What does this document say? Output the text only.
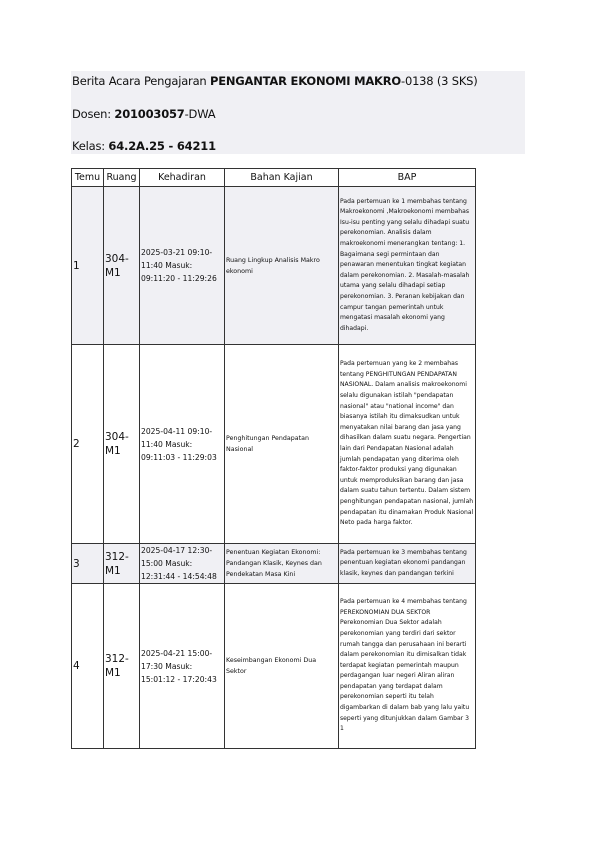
Berita Acara Pengajaran PENGANTAR EKONOMI MAKRO-0138 (3 SKS)
Dosen: 201003057-DWA
Kelas: 64.2A.25 - 64211
Temu	Ruang	Kehadiran	Bahan Kajian	BAP
1	304-M1	2025-03-21 09:10-11:40 Masuk: 09:11:20 - 11:29:26	Ruang Lingkup Analisis Makro ekonomi	Pada pertemuan ke 1 membahas tentang Makroekonomi ,Makroekonomi membahas Isu-isu penting yang selalu dihadapi suatu perekonomian. Analisis dalam makroekonomi menerangkan tentang: 1. Bagaimana segi permintaan dan penawaran menentukan tingkat kegiatan dalam perekonomian. 2. Masalah-masalah utama yang selalu dihadapi setiap perekonomian. 3. Peranan kebijakan dan campur tangan pemerintah untuk mengatasi masalah ekonomi yang dihadapi.
2	304-M1	2025-04-11 09:10-11:40 Masuk: 09:11:03 - 11:29:03	Penghitungan Pendapatan Nasional	Pada pertemuan yang ke 2 membahas tentang PENGHITUNGAN PENDAPATAN NASIONAL. Dalam analisis makroekonomi selalu digunakan istilah "pendapatan nasional" atau "national income" dan biasanya istilah itu dimaksudkan untuk menyatakan nilai barang dan jasa yang dihasilkan dalam suatu negara. Pengertian lain dari Pendapatan Nasional adalah jumlah pendapatan yang diterima oleh faktor-faktor produksi yang digunakan untuk memproduksikan barang dan jasa dalam suatu tahun tertentu. Dalam sistem penghitungan pendapatan nasional, jumlah pendapatan itu dinamakan Produk Nasional Neto pada harga faktor.
3	312-M1	2025-04-17 12:30-15:00 Masuk: 12:31:44 - 14:54:48	Penentuan Kegiatan Ekonomi: Pandangan Klasik, Keynes dan Pendekatan Masa Kini	Pada pertemuan ke 3 membahas tentang penentuan kegiatan ekonomi pandangan klasik, keynes dan pandangan terkini
4	312-M1	2025-04-21 15:00-17:30 Masuk: 15:01:12 - 17:20:43	Keseimbangan Ekonomi Dua Sektor	Pada pertemuan ke 4 membahas tentang PEREKONOMIAN DUA SEKTOR Perekonomian Dua Sektor adalah perekonomian yang terdiri dari sektor rumah tangga dan perusahaan ini berarti dalam perekonomian itu dimisalkan tidak terdapat kegiatan pemerintah maupun perdagangan luar negeri Aliran aliran pendapatan yang terdapat dalam perekonomian seperti itu telah digambarkan di dalam bab yang lalu yaitu seperti yang ditunjukkan dalam Gambar 3 1
